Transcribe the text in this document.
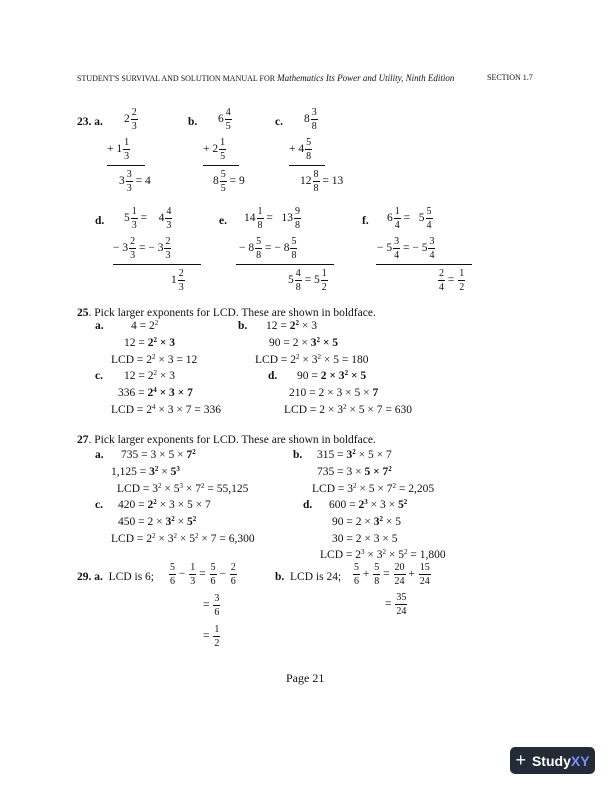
STUDENT'S SURVIVAL AND SOLUTION MANUAL FOR Mathematics Its Power and Utility, Ninth Edition	SECTION 1.7
23. a. $2 \frac{2}{3}$
+ $1 \frac{1}{3}$
$3 \frac{3}{3}$
= 4
b. $6 \frac{4}{5}$
+ $2 \frac{1}{5}$
$8 \frac{5}{5}$
= 9
c. $8 \frac{3}{8}$
+ $4 \frac{5}{8}$
$12 \frac{8}{8}$
= 13
d. $5 \frac{1}{3}$
=
$4 \frac{4}{3}$
− $3 \frac{2}{3}$
= − $3 \frac{2}{3}$
$1 \frac{2}{3}$
e. $14 \frac{1}{8}$
=
$13 \frac{9}{8}$
− $8 \frac{5}{8}$
= − $8 \frac{5}{8}$
$5 \frac{4}{8}$
= $5 \frac{1}{2}$
f. $6 \frac{1}{4}$
=
$5 \frac{5}{4}$
− $5 \frac{3}{4}$
= − $5 \frac{3}{4}$
$\frac{2}{4}$
=
$\frac{1}{2}$
25. Pick larger exponents for LCD. These are shown in boldface.
a. $4 = 2^2$
$12 = 2^2 \times 3$
LCD = $2^2 \times 3 = 12$
b. $12 = 2^2 \times 3$
$90 = 2 \times 3^2 \times 5$
LCD = $2^2 \times 3^2 \times 5 = 180$
c. $12 = 2^2 \times 3$
$336 = 2^4 \times 3 \times 7$
LCD = $2^4 \times 3 \times 7 = 336$
d. $90 = 2 \times 3^2 \times 5$
210 = 2 × 3 × 5 × 7
LCD = $2 \times 3^2 \times 5 \times 7 = 630$
27. Pick larger exponents for LCD. These are shown in boldface.
a. $735 = 3 \times 5 \times 7^2$
$1,125 = 3^2 \times 5^3$
LCD = $3^2 \times 5^3 \times 7^2 = 55,125$
b. $315 = 3^2 \times 5 \times 7$
$735 = 3 \times 5 \times 7^2$
LCD = $3^2 \times 5 \times 7^2 = 2,205$
c. $420 = 2^2 \times 3 \times 5 \times 7$
$450 = 2 \times 3^2 \times 5^2$
LCD = $2^2 \times 3^2 \times 5^2 \times 7 = 6,300$
d. $600 = 2^3 \times 3 \times 5^2$
$90 = 2 \times 3^2 \times 5$
30 = 2 × 3 × 5
LCD = $2^3 \times 3^2 \times 5^2 = 1,800$
29. a. LCD is 6; $\frac{5}{6}$
−
$\frac{1}{3}$
=
$\frac{5}{6}$
−
$\frac{2}{6}$
=
$\frac{3}{6}$
=
$\frac{1}{2}$
b. LCD is 24; $\frac{5}{6}$
+
$\frac{5}{8}$
=
$\frac{20}{24}$
+
$\frac{15}{24}$
=
$\frac{35}{24}$
Page 21
+ StudyXY
